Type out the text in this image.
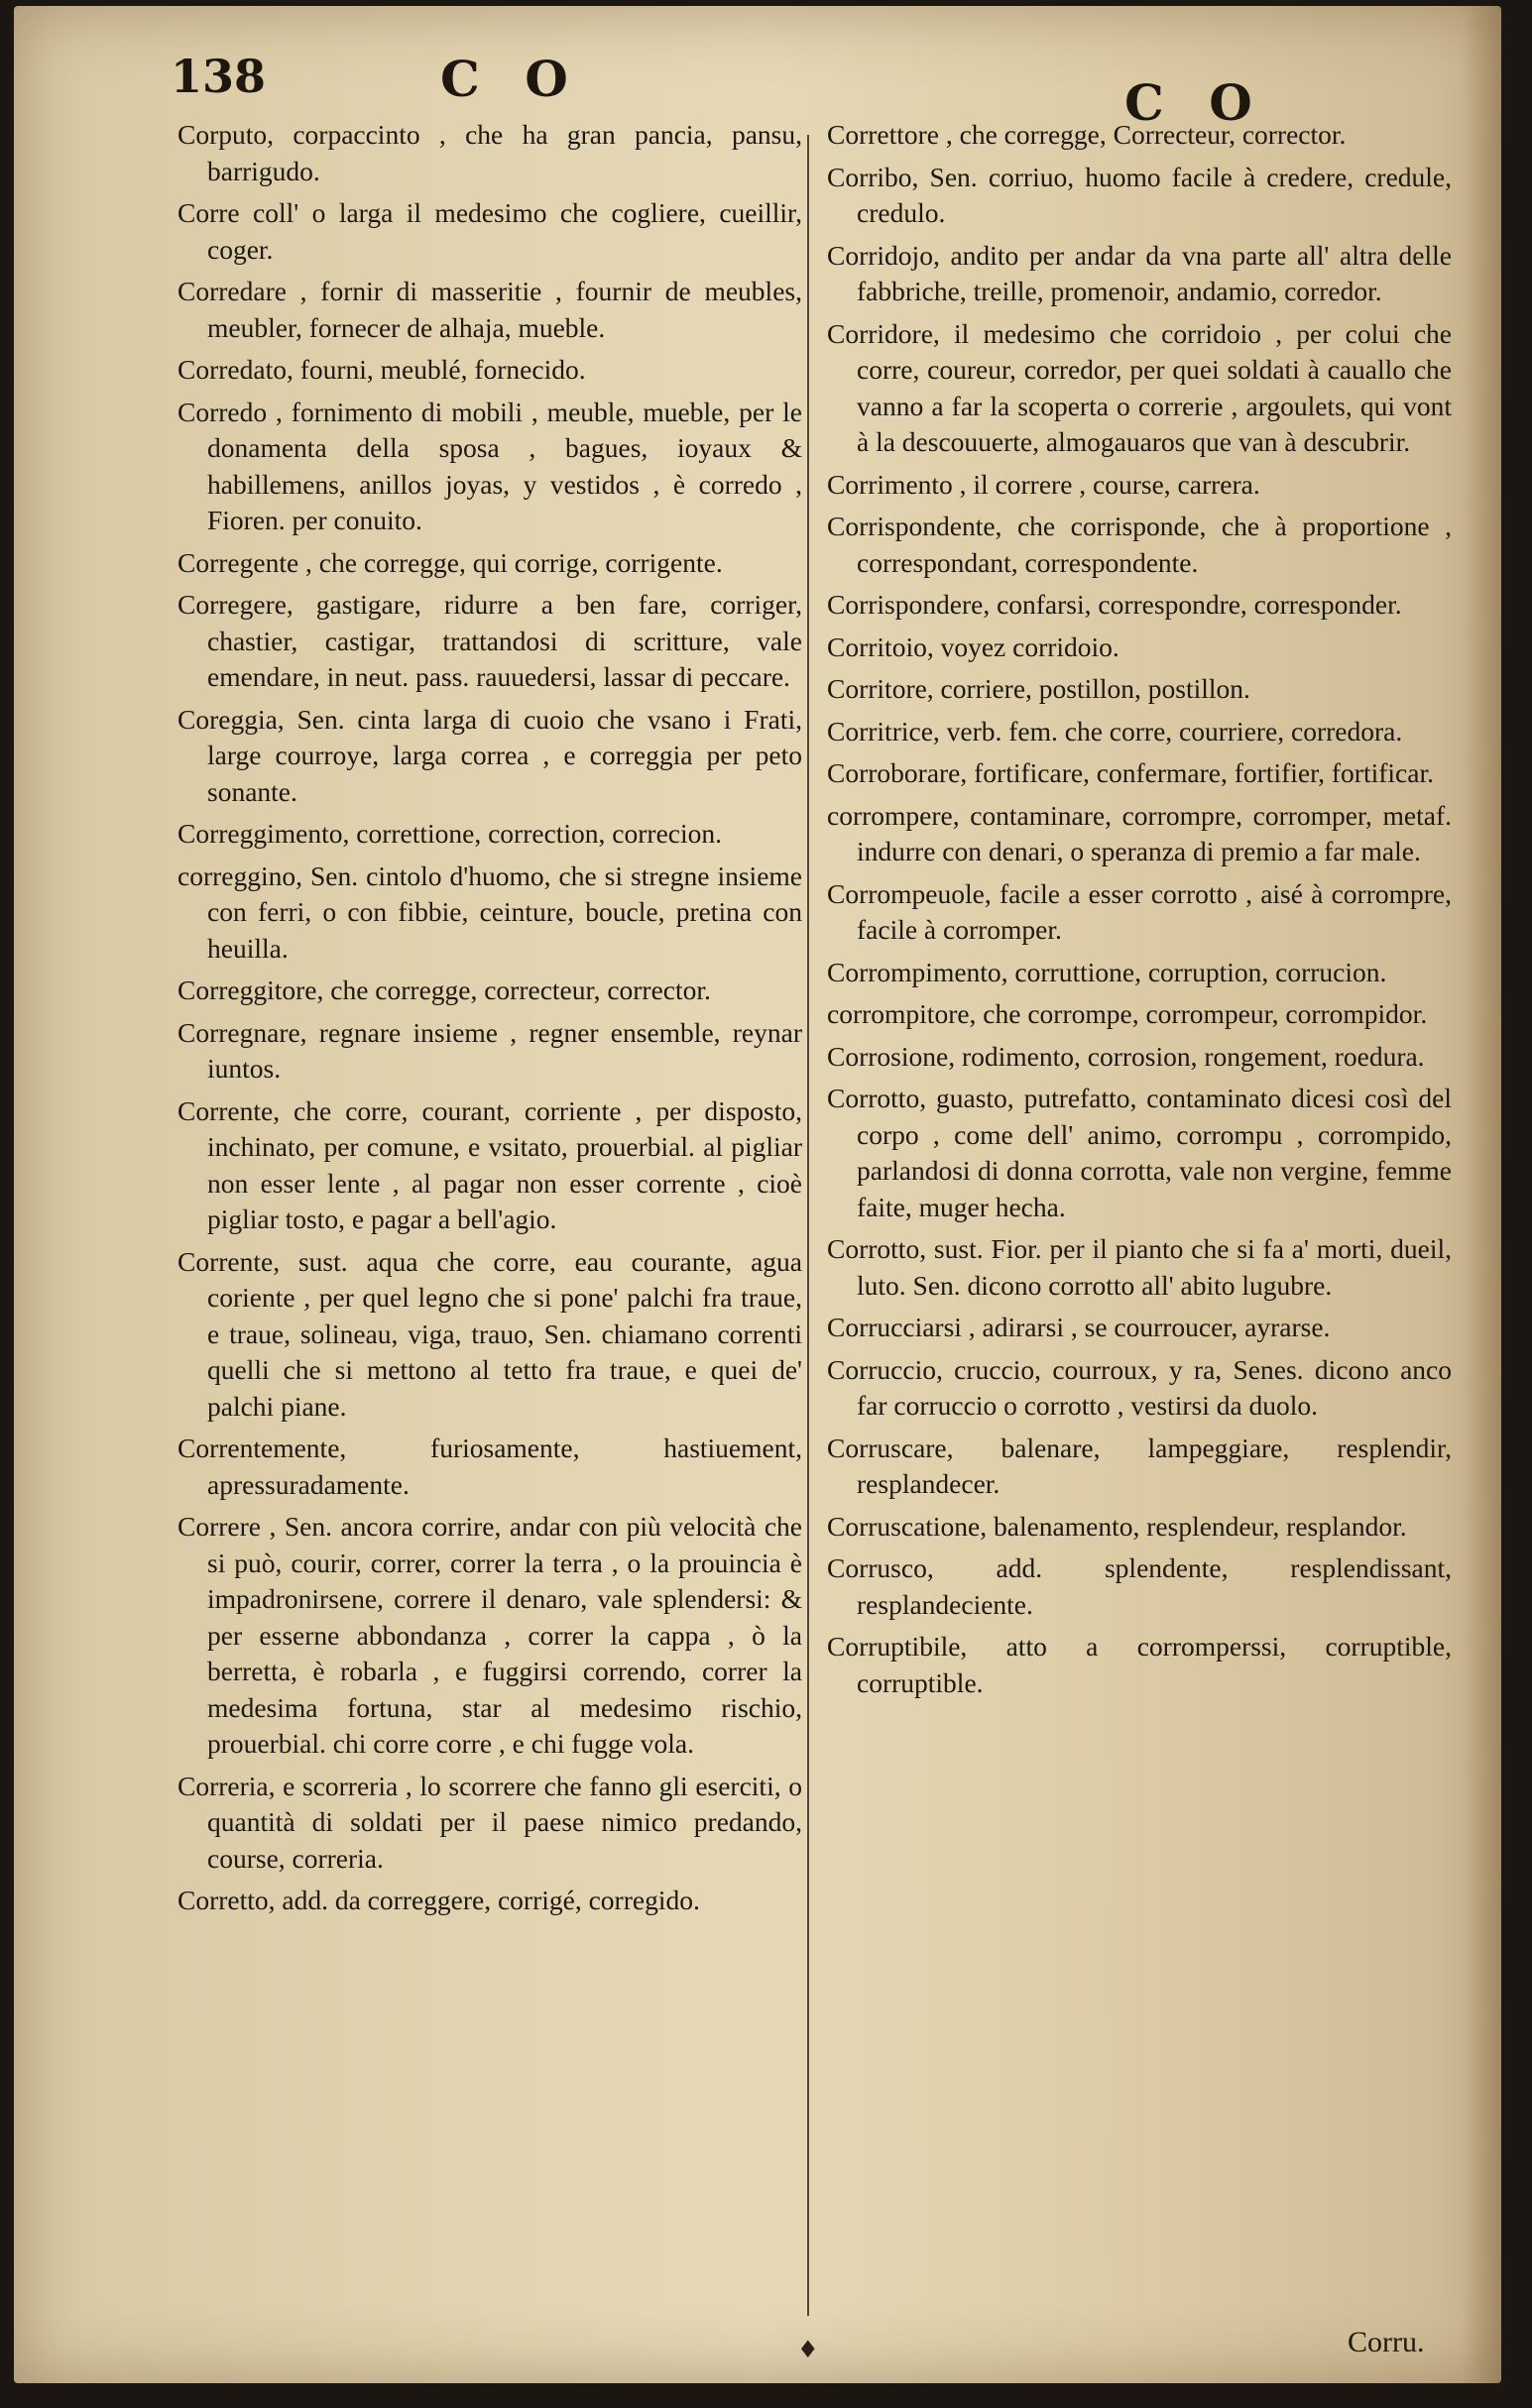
138	C O	C O

Corputo, corpaccinto , che ha gran pancia, pansu, barrigudo.

Corre coll' o larga il medesimo che cogliere, cueillir, coger.

Corredare , fornir di masseritie , fournir de meubles, meubler, fornecer de alhaja, mueble.

Corredato, fourni, meublé, fornecido.

Corredo , fornimento di mobili , meuble, mueble, per le donamenta della sposa , bagues, ioyaux & habillemens, anillos joyas, y vestidos , è corredo , Fioren. per conuito.

Corregente , che corregge, qui corrige, corrigente.

Corregere, gastigare, ridurre a ben fare, corriger, chastier, castigar, trattandosi di scritture, vale emendare, in neut. pass. rauuedersi, lassar di peccare.

Coreggia, Sen. cinta larga di cuoio che vsano i Frati, large courroye, larga correa , e correggia per peto sonante.

Correggimento, correttione, correction, correcion.

correggino, Sen. cintolo d'huomo, che si stregne insieme con ferri, o con fibbie, ceinture, boucle, pretina con heuilla.

Correggitore, che corregge, correcteur, corrector.

Corregnare, regnare insieme , regner ensemble, reynar iuntos.

Corrente, che corre, courant, corriente , per disposto, inchinato, per comune, e vsitato, prouerbial. al pigliar non esser lente , al pagar non esser corrente , cioè pigliar tosto, e pagar a bell'agio.

Corrente, sust. aqua che corre, eau courante, agua coriente , per quel legno che si pone' palchi fra traue, e traue, solineau, viga, trauo, Sen. chiamano correnti quelli che si mettono al tetto fra traue, e quei de' palchi piane.

Correntemente, furiosamente, hastiuement, apressuradamente.

Correre , Sen. ancora corrire, andar con più velocità che si può, courir, correr, correr la terra , o la prouincia è impadronirsene, correre il denaro, vale splendersi: & per esserne abbondanza , correr la cappa , ò la berretta, è robarla , e fuggirsi correndo, correr la medesima fortuna, star al medesimo rischio, prouerbial. chi corre corre , e chi fugge vola.

Correria, e scorreria , lo scorrere che fanno gli eserciti, o quantità di soldati per il paese nimico predando, course, correria.

Corretto, add. da correggere, corrigé, corregido.

Correttore , che corregge, Correcteur, corrector.

Corribo, Sen. corriuo, huomo facile à credere, credule, credulo.

Corridojo, andito per andar da vna parte all' altra delle fabbriche, treille, promenoir, andamio, corredor.

Corridore, il medesimo che corridoio , per colui che corre, coureur, corredor, per quei soldati à cauallo che vanno a far la scoperta o correrie , argoulets, qui vont à la descouuerte, almogauaros que van à descubrir.

Corrimento , il correre , course, carrera.

Corrispondente, che corrisponde, che à proportione , correspondant, correspondente.

Corrispondere, confarsi, correspondre, corresponder.

Corritoio, voyez corridoio.

Corritore, corriere, postillon, postillon.

Corritrice, verb. fem. che corre, courriere, corredora.

Corroborare, fortificare, confermare, fortifier, fortificar.

corrompere, contaminare, corrompre, corromper, metaf. indurre con denari, o speranza di premio a far male.

Corrompeuole, facile a esser corrotto , aisé à corrompre, facile à corromper.

Corrompimento, corruttione, corruption, corrucion.

corrompitore, che corrompe, corrompeur, corrompidor.

Corrosione, rodimento, corrosion, rongement, roedura.

Corrotto, guasto, putrefatto, contaminato dicesi così del corpo , come dell' animo, corrompu , corrompido, parlandosi di donna corrotta, vale non vergine, femme faite, muger hecha.

Corrotto, sust. Fior. per il pianto che si fa a' morti, dueil, luto. Sen. dicono corrotto all' abito lugubre.

Corrucciarsi , adirarsi , se courroucer, ayrarse.

Corruccio, cruccio, courroux, y ra, Senes. dicono anco far corruccio o corrotto , vestirsi da duolo.

Corruscare, balenare, lampeggiare, resplendir, resplandecer.

Corruscatione, balenamento, resplendeur, resplandor.

Corrusco, add. splendente, resplendissant, resplandeciente.

Corruptibile, atto a corromperssi, corruptible, corruptible.

♦	Corru.
